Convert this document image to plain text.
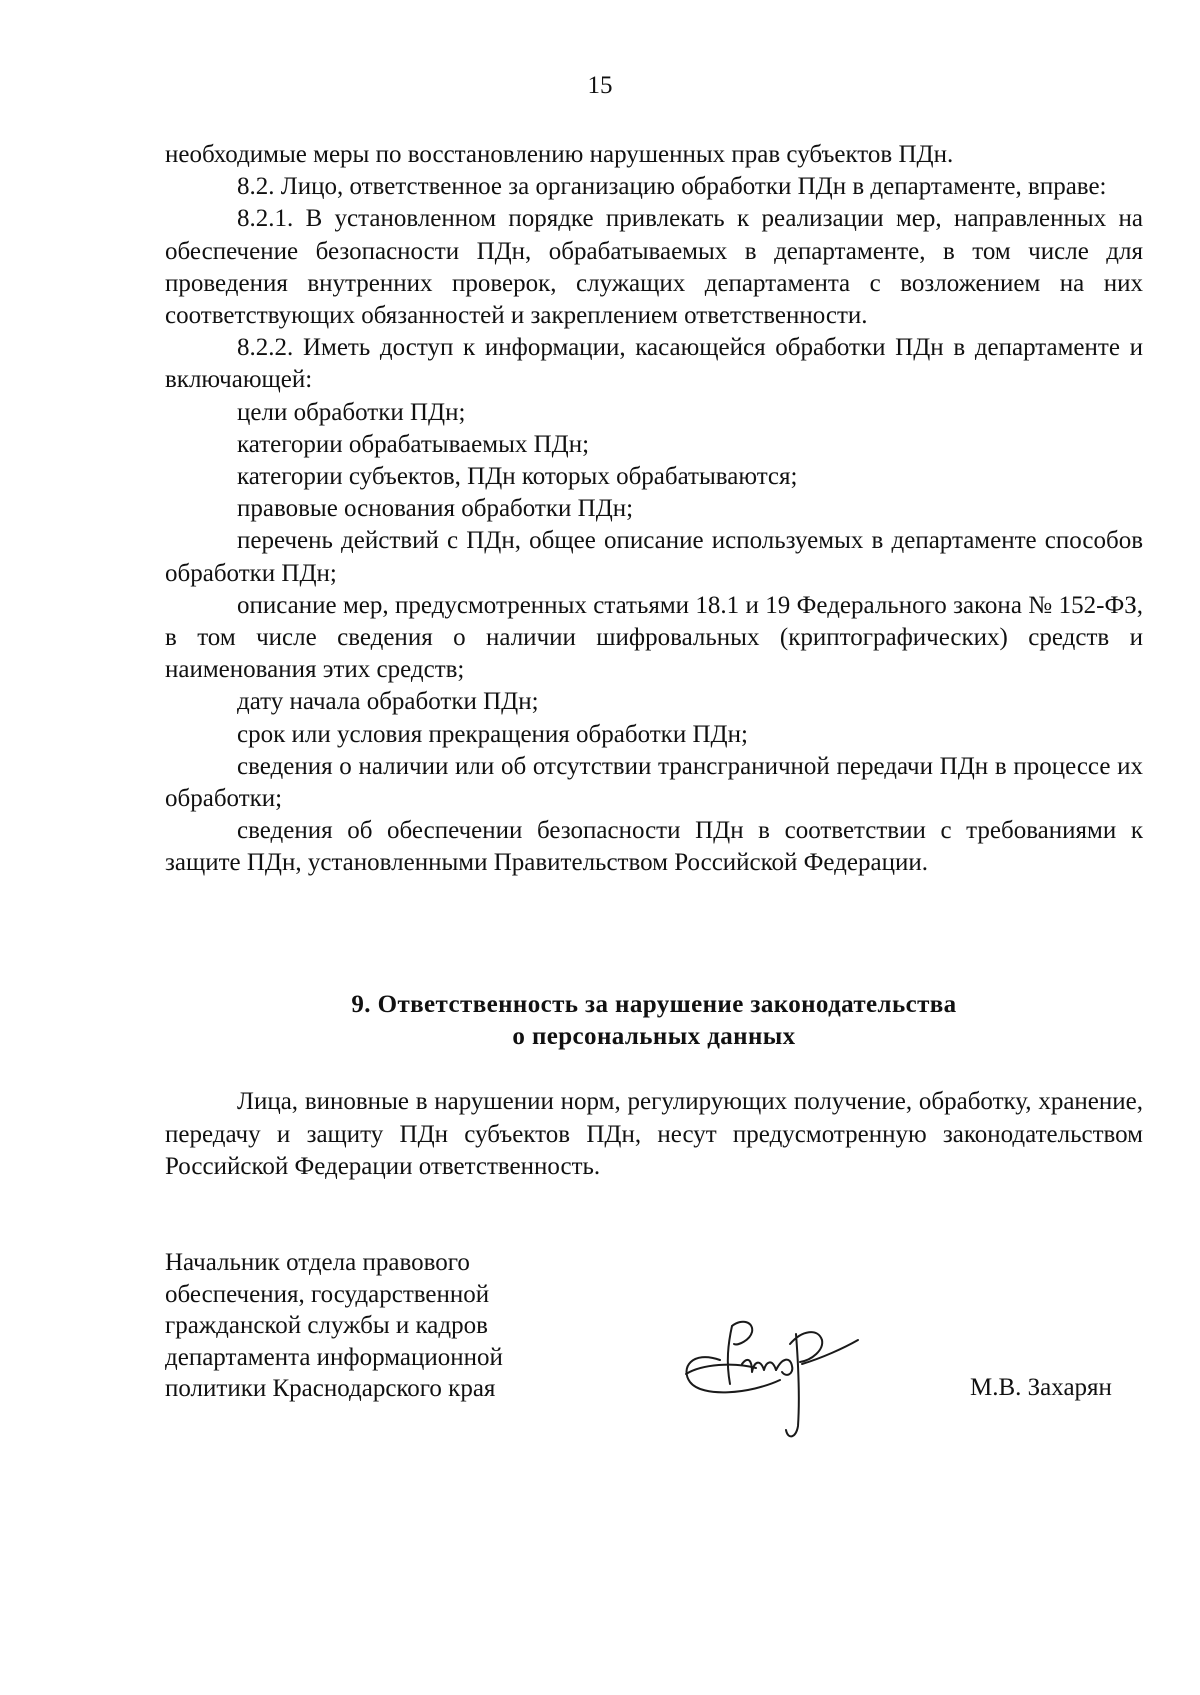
15

необходимые меры по восстановлению нарушенных прав субъектов ПДн.

8.2. Лицо, ответственное за организацию обработки ПДн в департаменте, вправе:

8.2.1. В установленном порядке привлекать к реализации мер, направленных на обеспечение безопасности ПДн, обрабатываемых в департаменте, в том числе для проведения внутренних проверок, служащих департамента с возложением на них соответствующих обязанностей и закреплением ответственности.

8.2.2. Иметь доступ к информации, касающейся обработки ПДн в департаменте и включающей:

цели обработки ПДн;

категории обрабатываемых ПДн;

категории субъектов, ПДн которых обрабатываются;

правовые основания обработки ПДн;

перечень действий с ПДн, общее описание используемых в департаменте способов обработки ПДн;

описание мер, предусмотренных статьями 18.1 и 19 Федерального закона № 152-ФЗ, в том числе сведения о наличии шифровальных (криптографических) средств и наименования этих средств;

дату начала обработки ПДн;

срок или условия прекращения обработки ПДн;

сведения о наличии или об отсутствии трансграничной передачи ПДн в процессе их обработки;

сведения об обеспечении безопасности ПДн в соответствии с требованиями к защите ПДн, установленными Правительством Российской Федерации.

9. Ответственность за нарушение законодательства
о персональных данных

Лица, виновные в нарушении норм, регулирующих получение, обработку, хранение, передачу и защиту ПДн субъектов ПДн, несут предусмотренную законодательством Российской Федерации ответственность.

Начальник отдела правового
обеспечения, государственной
гражданской службы и кадров
департамента информационной
политики Краснодарского края	М.В. Захарян
